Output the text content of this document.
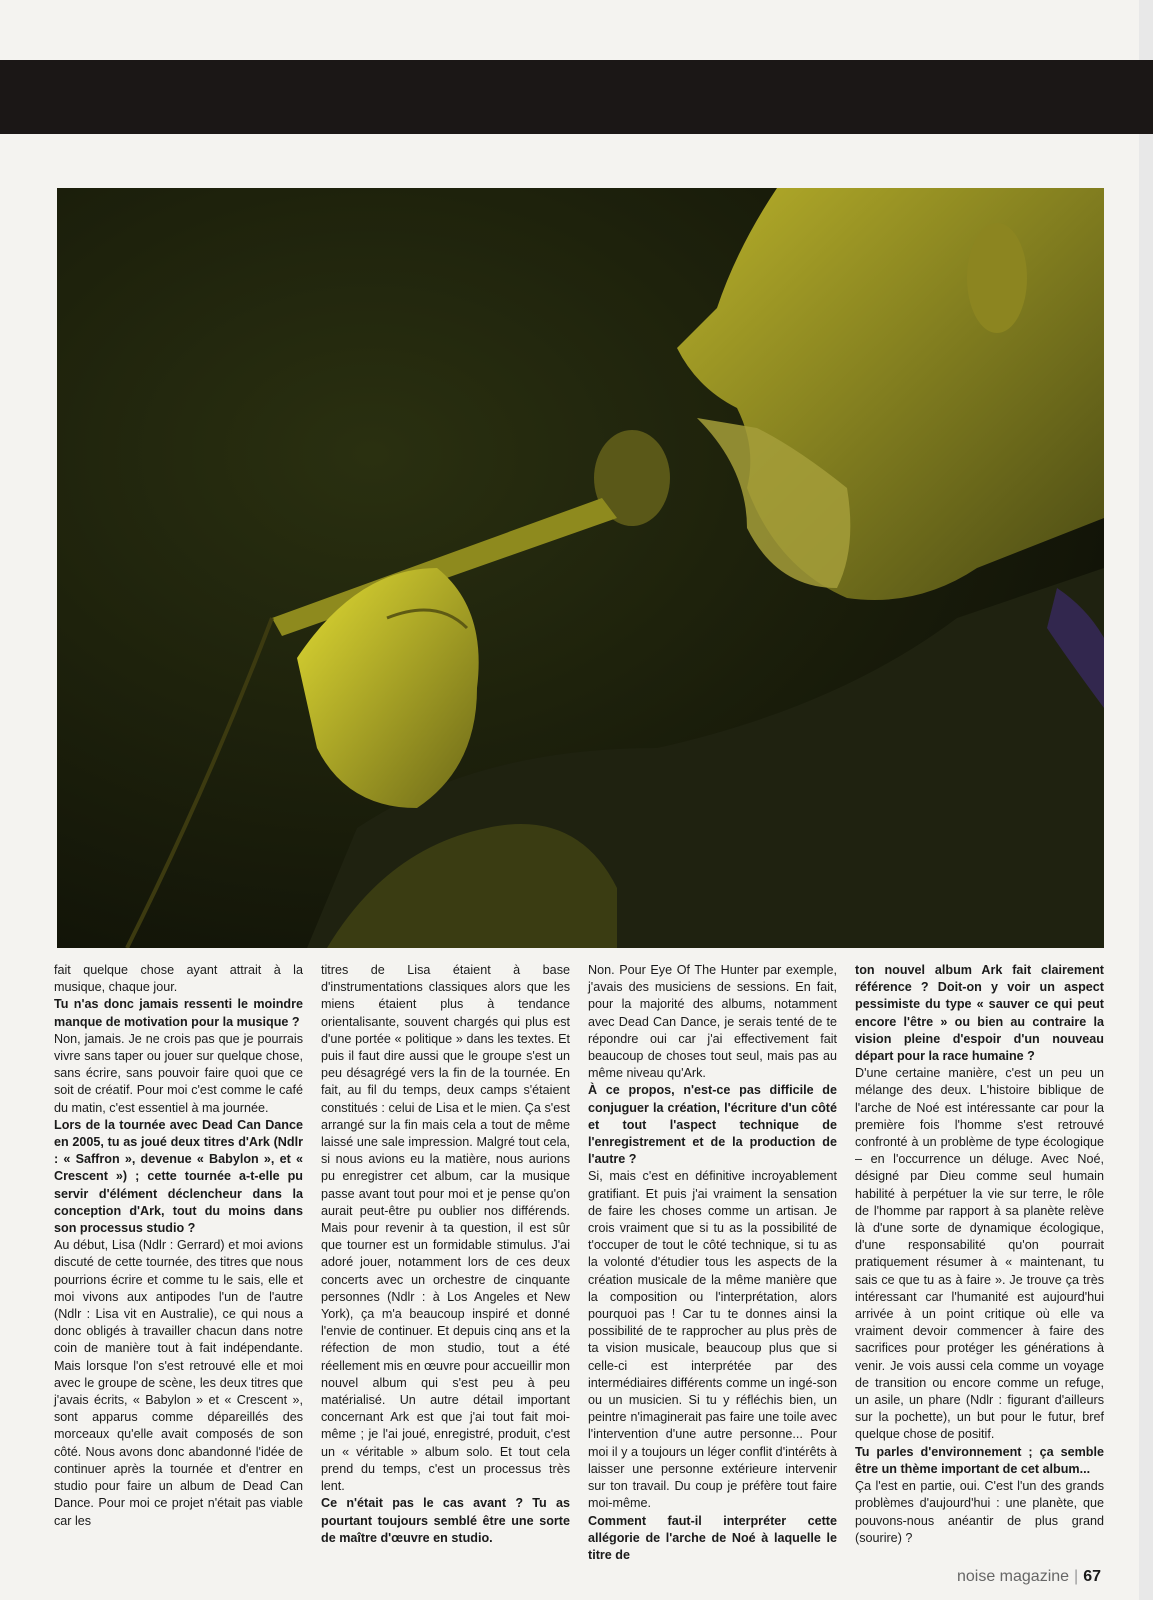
fait quelque chose ayant attrait à la musique, chaque jour.

Tu n'as donc jamais ressenti le moindre manque de motivation pour la musique ?

Non, jamais. Je ne crois pas que je pourrais vivre sans taper ou jouer sur quelque chose, sans écrire, sans pouvoir faire quoi que ce soit de créatif. Pour moi c'est comme le café du matin, c'est essentiel à ma journée.

Lors de la tournée avec Dead Can Dance en 2005, tu as joué deux titres d'Ark (Ndlr : « Saffron », devenue « Babylon », et « Crescent ») ; cette tournée a-t-elle pu servir d'élément déclencheur dans la conception d'Ark, tout du moins dans son processus studio ?

Au début, Lisa (Ndlr : Gerrard) et moi avions discuté de cette tournée, des titres que nous pourrions écrire et comme tu le sais, elle et moi vivons aux antipodes l'un de l'autre (Ndlr : Lisa vit en Australie), ce qui nous a donc obligés à travailler chacun dans notre coin de manière tout à fait indépendante. Mais lorsque l'on s'est retrouvé elle et moi avec le groupe de scène, les deux titres que j'avais écrits, « Babylon » et « Crescent », sont apparus comme dépareillés des morceaux qu'elle avait composés de son côté. Nous avons donc abandonné l'idée de continuer après la tournée et d'entrer en studio pour faire un album de Dead Can Dance. Pour moi ce projet n'était pas viable car les

titres de Lisa étaient à base d'instrumentations classiques alors que les miens étaient plus à tendance orientalisante, souvent chargés qui plus est d'une portée « politique » dans les textes. Et puis il faut dire aussi que le groupe s'est un peu désagrégé vers la fin de la tournée. En fait, au fil du temps, deux camps s'étaient constitués : celui de Lisa et le mien. Ça s'est arrangé sur la fin mais cela a tout de même laissé une sale impression. Malgré tout cela, si nous avions eu la matière, nous aurions pu enregistrer cet album, car la musique passe avant tout pour moi et je pense qu'on aurait peut-être pu oublier nos différends. Mais pour revenir à ta question, il est sûr que tourner est un formidable stimulus. J'ai adoré jouer, notamment lors de ces deux concerts avec un orchestre de cinquante personnes (Ndlr : à Los Angeles et New York), ça m'a beaucoup inspiré et donné l'envie de continuer. Et depuis cinq ans et la réfection de mon studio, tout a été réellement mis en œuvre pour accueillir mon nouvel album qui s'est peu à peu matérialisé. Un autre détail important concernant Ark est que j'ai tout fait moi-même ; je l'ai joué, enregistré, produit, c'est un « véritable » album solo. Et tout cela prend du temps, c'est un processus très lent.

Ce n'était pas le cas avant ? Tu as pourtant toujours semblé être une sorte de maître d'œuvre en studio.

Non. Pour Eye Of The Hunter par exemple, j'avais des musiciens de sessions. En fait, pour la majorité des albums, notamment avec Dead Can Dance, je serais tenté de te répondre oui car j'ai effectivement fait beaucoup de choses tout seul, mais pas au même niveau qu'Ark.

À ce propos, n'est-ce pas difficile de conjuguer la création, l'écriture d'un côté et tout l'aspect technique de l'enregistrement et de la production de l'autre ?

Si, mais c'est en définitive incroyablement gratifiant. Et puis j'ai vraiment la sensation de faire les choses comme un artisan. Je crois vraiment que si tu as la possibilité de t'occuper de tout le côté technique, si tu as la volonté d'étudier tous les aspects de la création musicale de la même manière que la composition ou l'interprétation, alors pourquoi pas ! Car tu te donnes ainsi la possibilité de te rapprocher au plus près de ta vision musicale, beaucoup plus que si celle-ci est interprétée par des intermédiaires différents comme un ingé-son ou un musicien. Si tu y réfléchis bien, un peintre n'imaginerait pas faire une toile avec l'intervention d'une autre personne... Pour moi il y a toujours un léger conflit d'intérêts à laisser une personne extérieure intervenir sur ton travail. Du coup je préfère tout faire moi-même.

Comment faut-il interpréter cette allégorie de l'arche de Noé à laquelle le titre de

ton nouvel album Ark fait clairement référence ? Doit-on y voir un aspect pessimiste du type « sauver ce qui peut encore l'être » ou bien au contraire la vision pleine d'espoir d'un nouveau départ pour la race humaine ?

D'une certaine manière, c'est un peu un mélange des deux. L'histoire biblique de l'arche de Noé est intéressante car pour la première fois l'homme s'est retrouvé confronté à un problème de type écologique – en l'occurrence un déluge. Avec Noé, désigné par Dieu comme seul humain habilité à perpétuer la vie sur terre, le rôle de l'homme par rapport à sa planète relève là d'une sorte de dynamique écologique, d'une responsabilité qu'on pourrait pratiquement résumer à « maintenant, tu sais ce que tu as à faire ». Je trouve ça très intéressant car l'humanité est aujourd'hui arrivée à un point critique où elle va vraiment devoir commencer à faire des sacrifices pour protéger les générations à venir. Je vois aussi cela comme un voyage de transition ou encore comme un refuge, un asile, un phare (Ndlr : figurant d'ailleurs sur la pochette), un but pour le futur, bref quelque chose de positif.

Tu parles d'environnement ; ça semble être un thème important de cet album...

Ça l'est en partie, oui. C'est l'un des grands problèmes d'aujourd'hui : une planète, que pouvons-nous anéantir de plus grand (sourire) ?

noise magazine | 67
